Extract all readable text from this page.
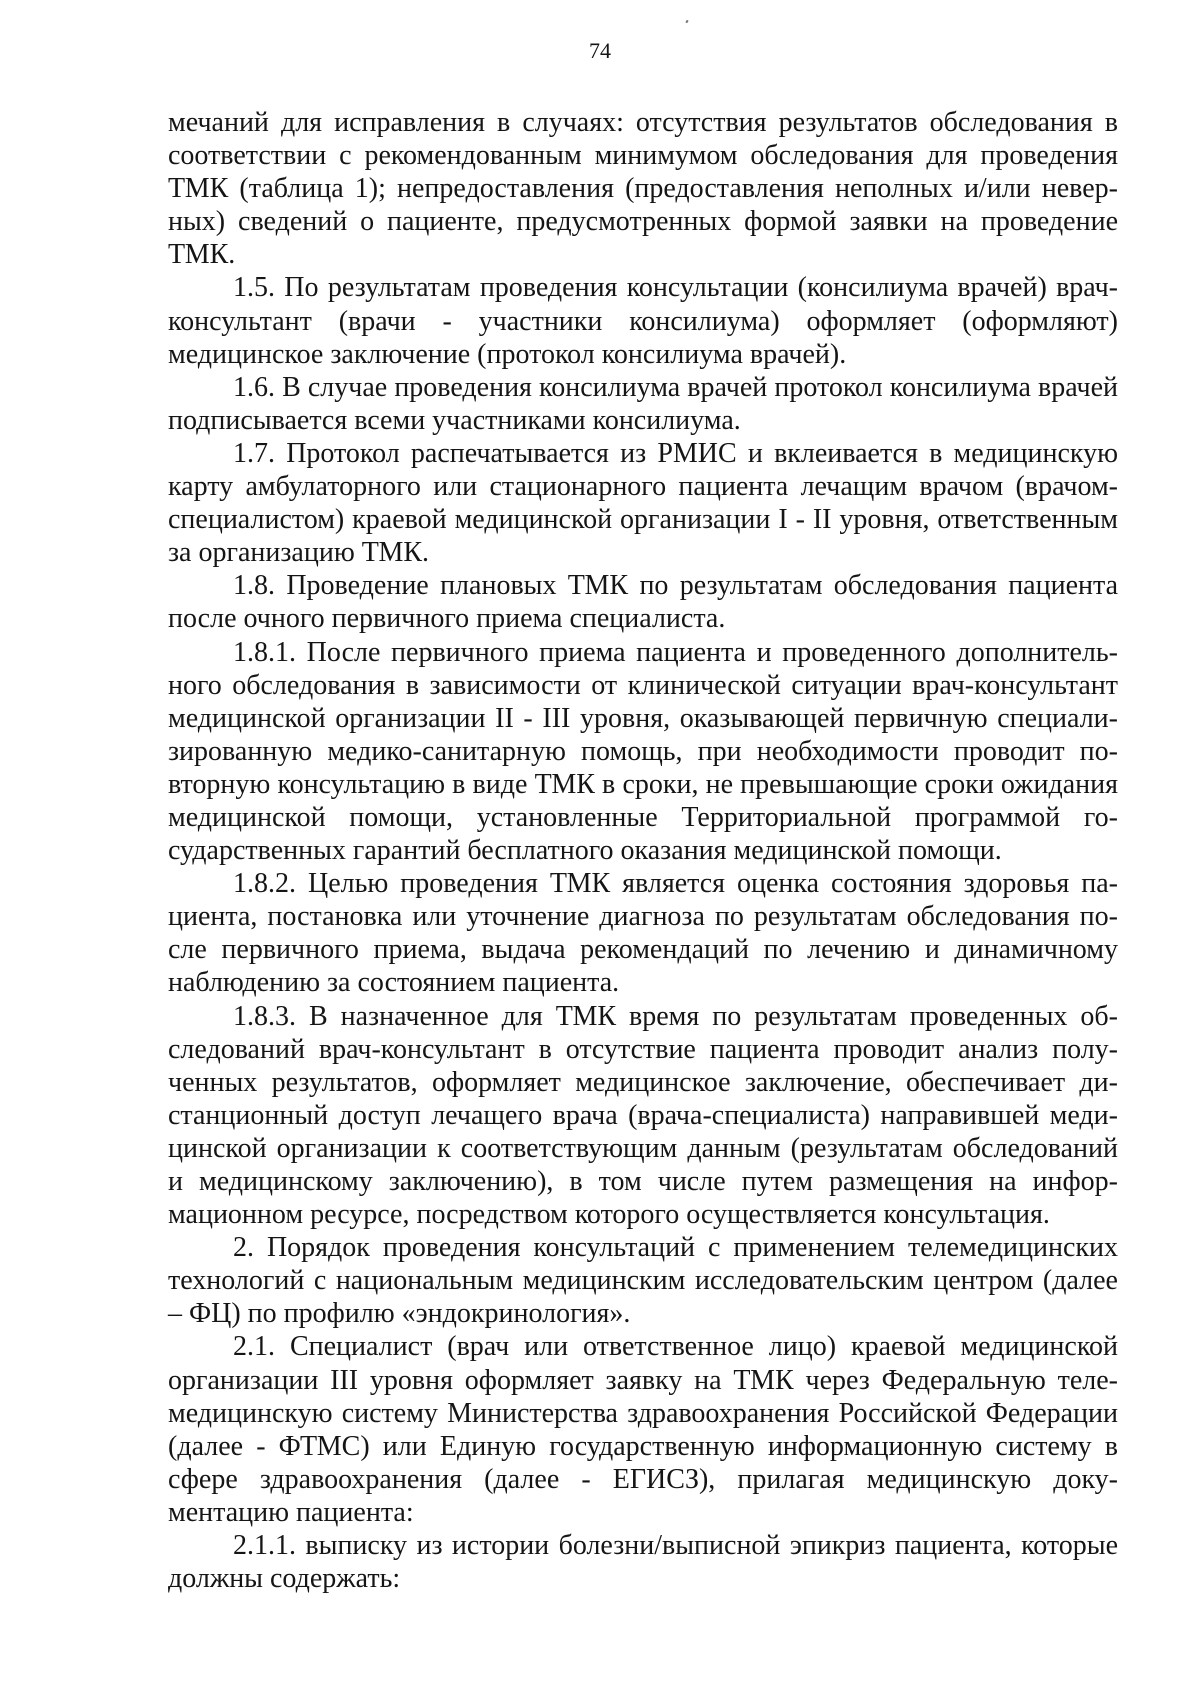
74

мечаний для исправления в случаях: отсутствия результатов обследования в соответствии с рекомендованным минимумом обследования для проведения ТМК (таблица 1); непредоставления (предоставления неполных и/или неверных) сведений о пациенте, предусмотренных формой заявки на проведение ТМК.

1.5. По результатам проведения консультации (консилиума врачей) врач-консультант (врачи - участники консилиума) оформляет (оформляют) медицинское заключение (протокол консилиума врачей).

1.6. В случае проведения консилиума врачей протокол консилиума врачей подписывается всеми участниками консилиума.

1.7. Протокол распечатывается из РМИС и вклеивается в медицинскую карту амбулаторного или стационарного пациента лечащим врачом (врачом-специалистом) краевой медицинской организации I - II уровня, ответственным за организацию ТМК.

1.8. Проведение плановых ТМК по результатам обследования пациента после очного первичного приема специалиста.

1.8.1. После первичного приема пациента и проведенного дополнительного обследования в зависимости от клинической ситуации врач-консультант медицинской организации II - III уровня, оказывающей первичную специализированную медико-санитарную помощь, при необходимости проводит повторную консультацию в виде ТМК в сроки, не превышающие сроки ожидания медицинской помощи, установленные Территориальной программой государственных гарантий бесплатного оказания медицинской помощи.

1.8.2. Целью проведения ТМК является оценка состояния здоровья пациента, постановка или уточнение диагноза по результатам обследования после первичного приема, выдача рекомендаций по лечению и динамичному наблюдению за состоянием пациента.

1.8.3. В назначенное для ТМК время по результатам проведенных обследований врач-консультант в отсутствие пациента проводит анализ полученных результатов, оформляет медицинское заключение, обеспечивает дистанционный доступ лечащего врача (врача-специалиста) направившей медицинской организации к соответствующим данным (результатам обследований и медицинскому заключению), в том числе путем размещения на информационном ресурсе, посредством которого осуществляется консультация.

2. Порядок проведения консультаций с применением телемедицинских технологий с национальным медицинским исследовательским центром (далее – ФЦ) по профилю «эндокринология».

2.1. Специалист (врач или ответственное лицо) краевой медицинской организации III уровня оформляет заявку на ТМК через Федеральную телемедицинскую систему Министерства здравоохранения Российской Федерации (далее - ФТМС) или Единую государственную информационную систему в сфере здравоохранения (далее - ЕГИСЗ), прилагая медицинскую документацию пациента:

2.1.1. выписку из истории болезни/выписной эпикриз пациента, которые должны содержать:
